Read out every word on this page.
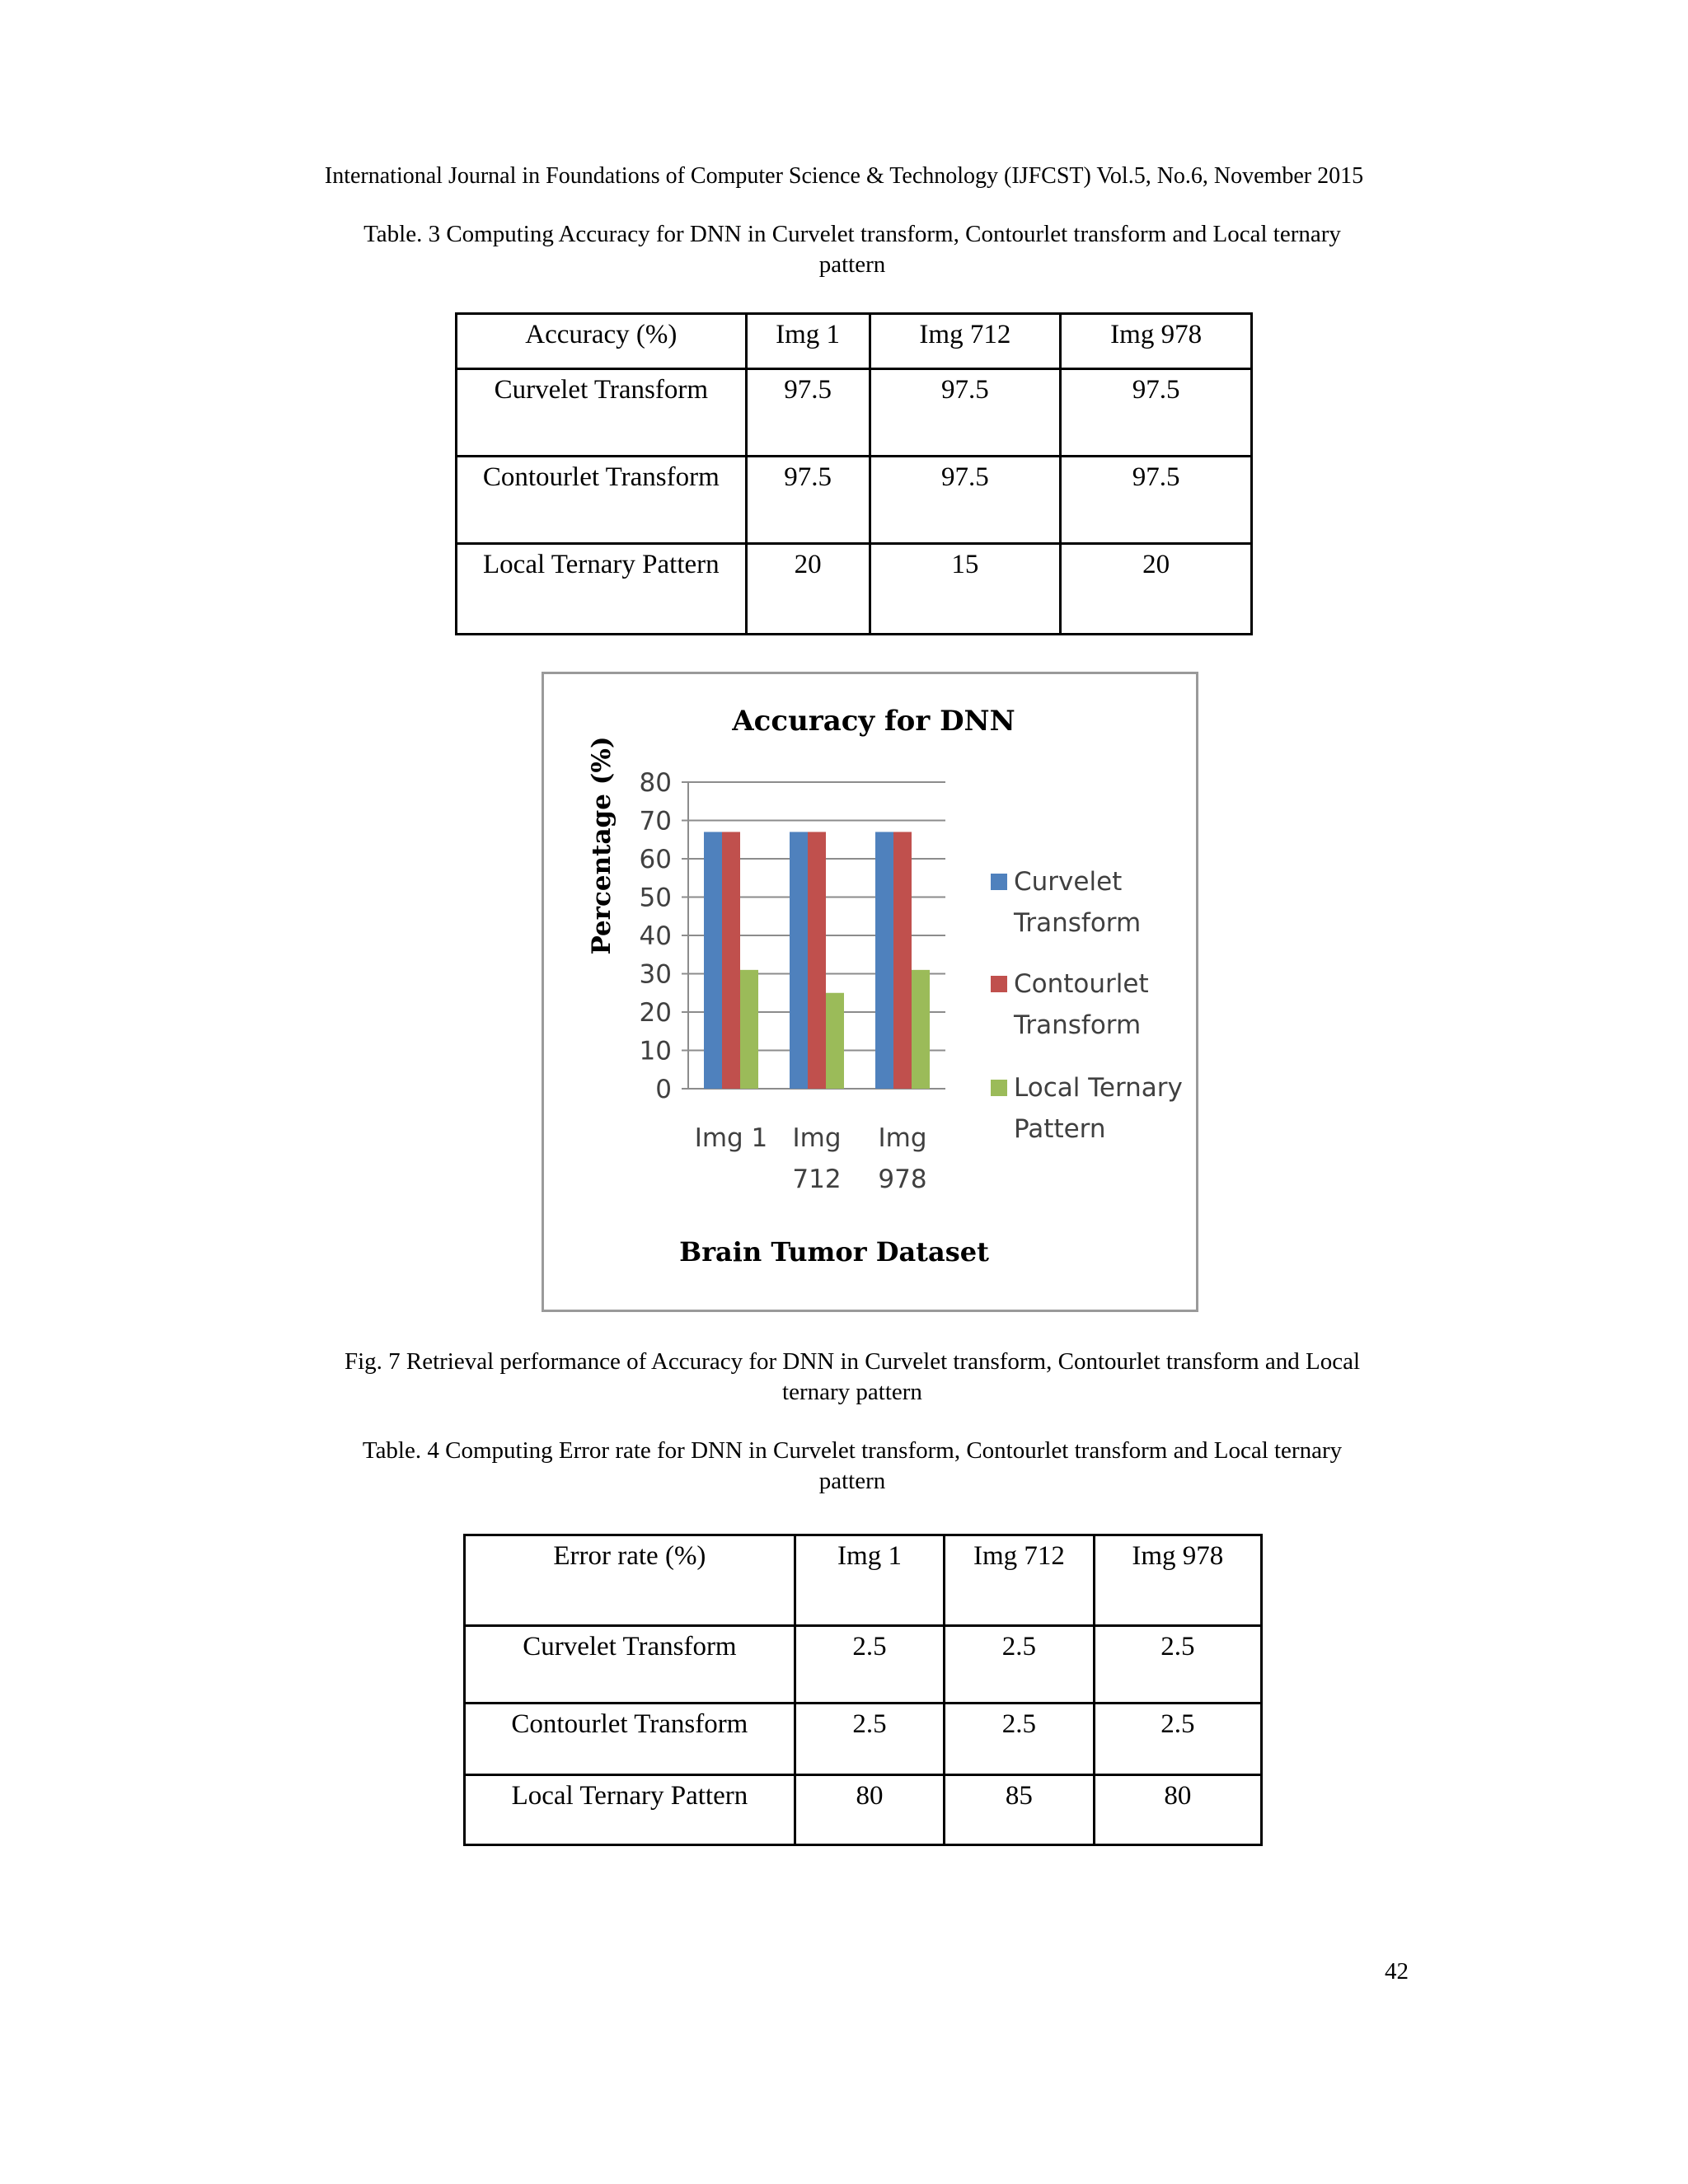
International Journal in Foundations of Computer Science & Technology (IJFCST) Vol.5, No.6, November 2015
Table. 3 Computing Accuracy for DNN in Curvelet transform, Contourlet transform and Local ternary
pattern
Accuracy (%)	Img 1	Img 712	Img 978
Curvelet Transform	97.5	97.5	97.5
Contourlet Transform	97.5	97.5	97.5
Local Ternary Pattern	20	15	20
Accuracy for DNN
0
10
20
30
40
50
60
70
80
Img 1 Img
712
Img
978
Curvelet
Transform
Contourlet
Transform
Local Ternary
Pattern
Percentage (%)
Brain Tumor Dataset
Fig. 7 Retrieval performance of Accuracy for DNN in Curvelet transform, Contourlet transform and Local
ternary pattern
Table. 4 Computing Error rate for DNN in Curvelet transform, Contourlet transform and Local ternary
pattern
Error rate (%)	Img 1	Img 712	Img 978
Curvelet Transform	2.5	2.5	2.5
Contourlet Transform	2.5	2.5	2.5
Local Ternary Pattern	80	85	80
42
